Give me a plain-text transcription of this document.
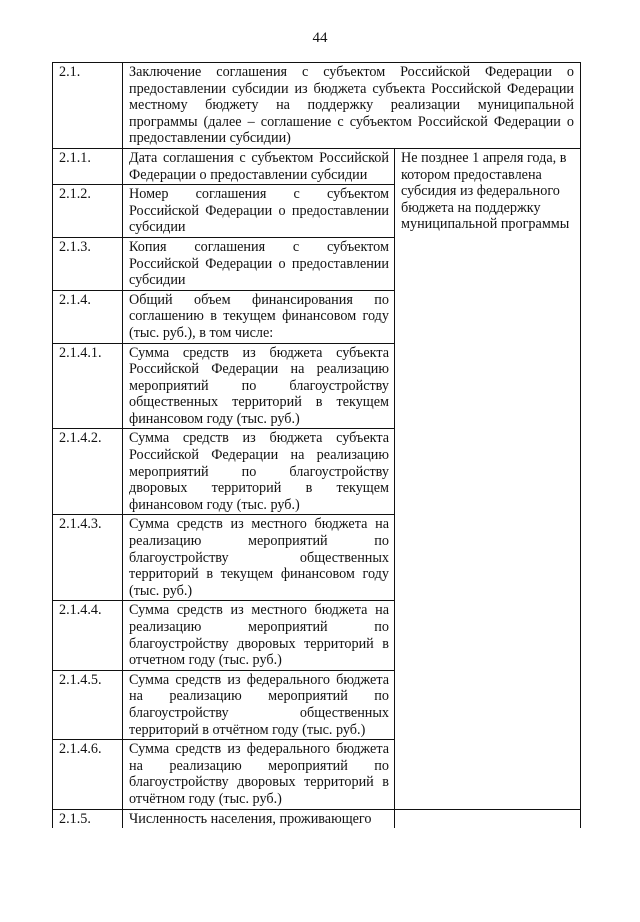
44
2.1.	Заключение соглашения с субъектом Российской Федерации о предоставлении субсидии из бюджета субъекта Российской Федерации местному бюджету на поддержку реализации муниципальной программы (далее – соглашение с субъектом Российской Федерации о предоставлении субсидии)	
2.1.1.	Дата соглашения с субъектом Российской Федерации о предоставлении субсидии	Не позднее 1 апреля года, в котором предоставлена субсидия из федерального бюджета на поддержку муниципальной программы
2.1.2.	Номер соглашения с субъектом Российской Федерации о предоставлении субсидии	
2.1.3.	Копия соглашения с субъектом Российской Федерации о предоставлении субсидии	
2.1.4.	Общий объем финансирования по соглашению в текущем финансовом году (тыс. руб.), в том числе:	
2.1.4.1.	Сумма средств из бюджета субъекта Российской Федерации на реализацию мероприятий по благоустройству общественных территорий в текущем финансовом году (тыс. руб.)	
2.1.4.2.	Сумма средств из бюджета субъекта Российской Федерации на реализацию мероприятий по благоустройству дворовых территорий в текущем финансовом году (тыс. руб.)	
2.1.4.3.	Сумма средств из местного бюджета на реализацию мероприятий по благоустройству общественных территорий в текущем финансовом году (тыс. руб.)	
2.1.4.4.	Сумма средств из местного бюджета на реализацию мероприятий по благоустройству дворовых территорий в отчетном году (тыс. руб.)	
2.1.4.5.	Сумма средств из федерального бюджета на реализацию мероприятий по благоустройству общественных территорий в отчётном году (тыс. руб.)	
2.1.4.6.	Сумма средств из федерального бюджета на реализацию мероприятий по благоустройству дворовых территорий в отчётном году (тыс. руб.)	
2.1.5.	Численность населения, проживающего	
